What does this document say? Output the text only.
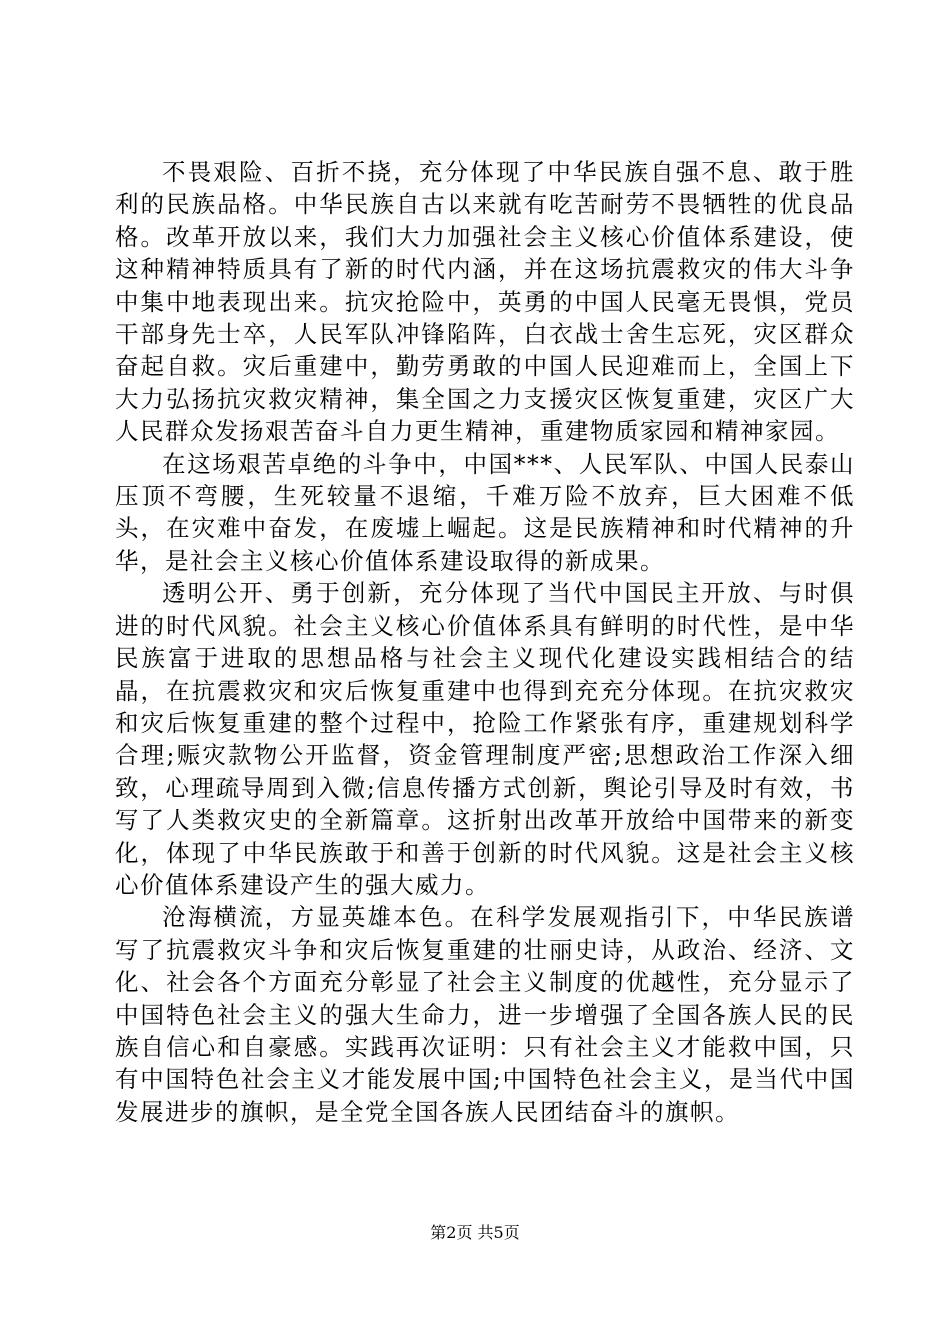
不畏艰险、百折不挠，充分体现了中华民族自强不息、敢于胜利的民族品格。中华民族自古以来就有吃苦耐劳不畏牺牲的优良品格。改革开放以来，我们大力加强社会主义核心价值体系建设，使这种精神特质具有了新的时代内涵，并在这场抗震救灾的伟大斗争中集中地表现出来。抗灾抢险中，英勇的中国人民毫无畏惧，党员干部身先士卒，人民军队冲锋陷阵，白衣战士舍生忘死，灾区群众奋起自救。灾后重建中，勤劳勇敢的中国人民迎难而上，全国上下大力弘扬抗灾救灾精神，集全国之力支援灾区恢复重建，灾区广大人民群众发扬艰苦奋斗自力更生精神，重建物质家园和精神家园。

在这场艰苦卓绝的斗争中，中国***、人民军队、中国人民泰山压顶不弯腰，生死较量不退缩，千难万险不放弃，巨大困难不低头，在灾难中奋发，在废墟上崛起。这是民族精神和时代精神的升华，是社会主义核心价值体系建设取得的新成果。

透明公开、勇于创新，充分体现了当代中国民主开放、与时俱进的时代风貌。社会主义核心价值体系具有鲜明的时代性，是中华民族富于进取的思想品格与社会主义现代化建设实践相结合的结晶，在抗震救灾和灾后恢复重建中也得到充充分体现。在抗灾救灾和灾后恢复重建的整个过程中，抢险工作紧张有序，重建规划科学合理;赈灾款物公开监督，资金管理制度严密;思想政治工作深入细致，心理疏导周到入微;信息传播方式创新，舆论引导及时有效，书写了人类救灾史的全新篇章。这折射出改革开放给中国带来的新变化，体现了中华民族敢于和善于创新的时代风貌。这是社会主义核心价值体系建设产生的强大威力。

沧海横流，方显英雄本色。在科学发展观指引下，中华民族谱写了抗震救灾斗争和灾后恢复重建的壮丽史诗，从政治、经济、文化、社会各个方面充分彰显了社会主义制度的优越性，充分显示了中国特色社会主义的强大生命力，进一步增强了全国各族人民的民族自信心和自豪感。实践再次证明：只有社会主义才能救中国，只有中国特色社会主义才能发展中国;中国特色社会主义，是当代中国发展进步的旗帜，是全党全国各族人民团结奋斗的旗帜。

第2页 共5页
